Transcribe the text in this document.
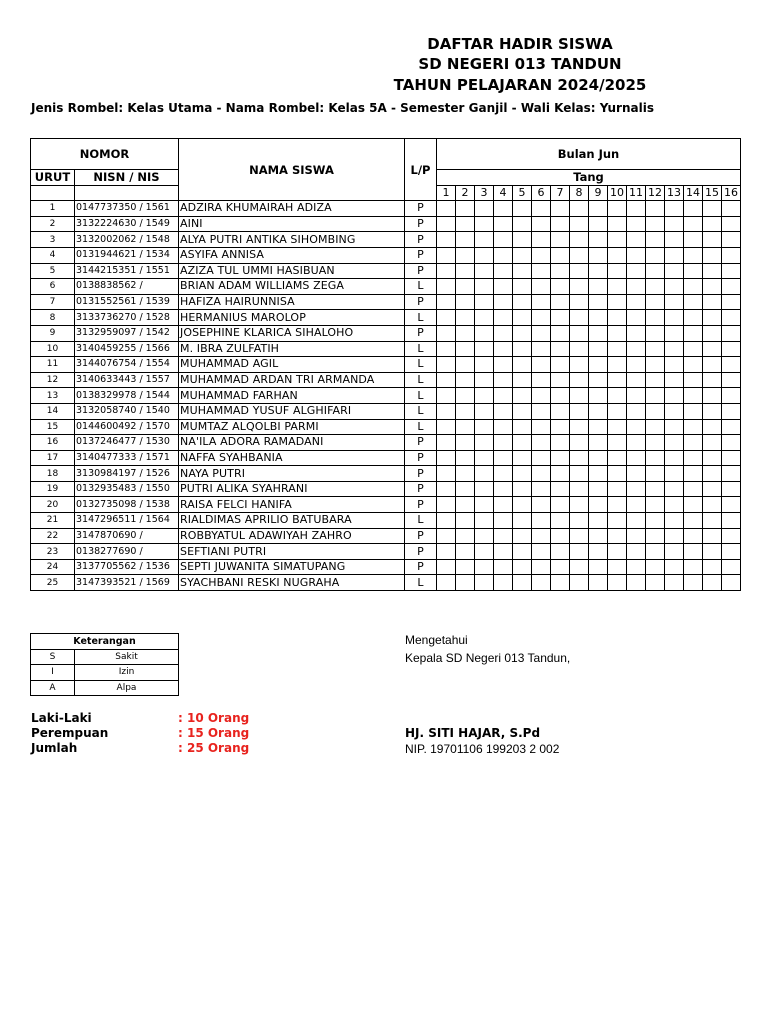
DAFTAR HADIR SISWA
SD NEGERI 013 TANDUN
TAHUN PELAJARAN 2024/2025
Jenis Rombel: Kelas Utama - Nama Rombel: Kelas 5A - Semester Ganjil - Wali Kelas: Yurnalis
NOMOR		NAMA SISWA	L/P	Bulan Jun															
URUT	NISN / NIS			Tang															
				1	2	3	4	5	6	7	8	9	10	11	12	13	14	15	16
1	0147737350 / 1561	ADZIRA KHUMAIRAH ADIZA	P																
2	3132224630 / 1549	AINI	P																
3	3132002062 / 1548	ALYA PUTRI ANTIKA SIHOMBING	P																
4	0131944621 / 1534	ASYIFA ANNISA	P																
5	3144215351 / 1551	AZIZA TUL UMMI HASIBUAN	P																
6	0138838562 /	BRIAN ADAM WILLIAMS ZEGA	L																
7	0131552561 / 1539	HAFIZA HAIRUNNISA	P																
8	3133736270 / 1528	HERMANIUS MAROLOP	L																
9	3132959097 / 1542	JOSEPHINE KLARICA SIHALOHO	P																
10	3140459255 / 1566	M. IBRA ZULFATIH	L																
11	3144076754 / 1554	MUHAMMAD AGIL	L																
12	3140633443 / 1557	MUHAMMAD ARDAN TRI ARMANDA	L																
13	0138329978 / 1544	MUHAMMAD FARHAN	L																
14	3132058740 / 1540	MUHAMMAD YUSUF ALGHIFARI	L																
15	0144600492 / 1570	MUMTAZ ALQOLBI PARMI	L																
16	0137246477 / 1530	NA'ILA ADORA RAMADANI	P																
17	3140477333 / 1571	NAFFA SYAHBANIA	P																
18	3130984197 / 1526	NAYA PUTRI	P																
19	0132935483 / 1550	PUTRI ALIKA SYAHRANI	P																
20	0132735098 / 1538	RAISA FELCI HANIFA	P																
21	3147296511 / 1564	RIALDIMAS APRILIO BATUBARA	L																
22	3147870690 /	ROBBYATUL ADAWIYAH ZAHRO	P																
23	0138277690 /	SEFTIANI PUTRI	P																
24	3137705562 / 1536	SEPTI JUWANITA SIMATUPANG	P																
25	3147393521 / 1569	SYACHBANI RESKI NUGRAHA	L																
Keterangan	
S	Sakit
I	Izin
A	Alpa
Laki-Laki	: 10 Orang
Perempuan	: 15 Orang
Jumlah	: 25 Orang
Mengetahui
Kepala SD Negeri 013 Tandun,
HJ. SITI HAJAR, S.Pd
NIP. 19701106 199203 2 002
